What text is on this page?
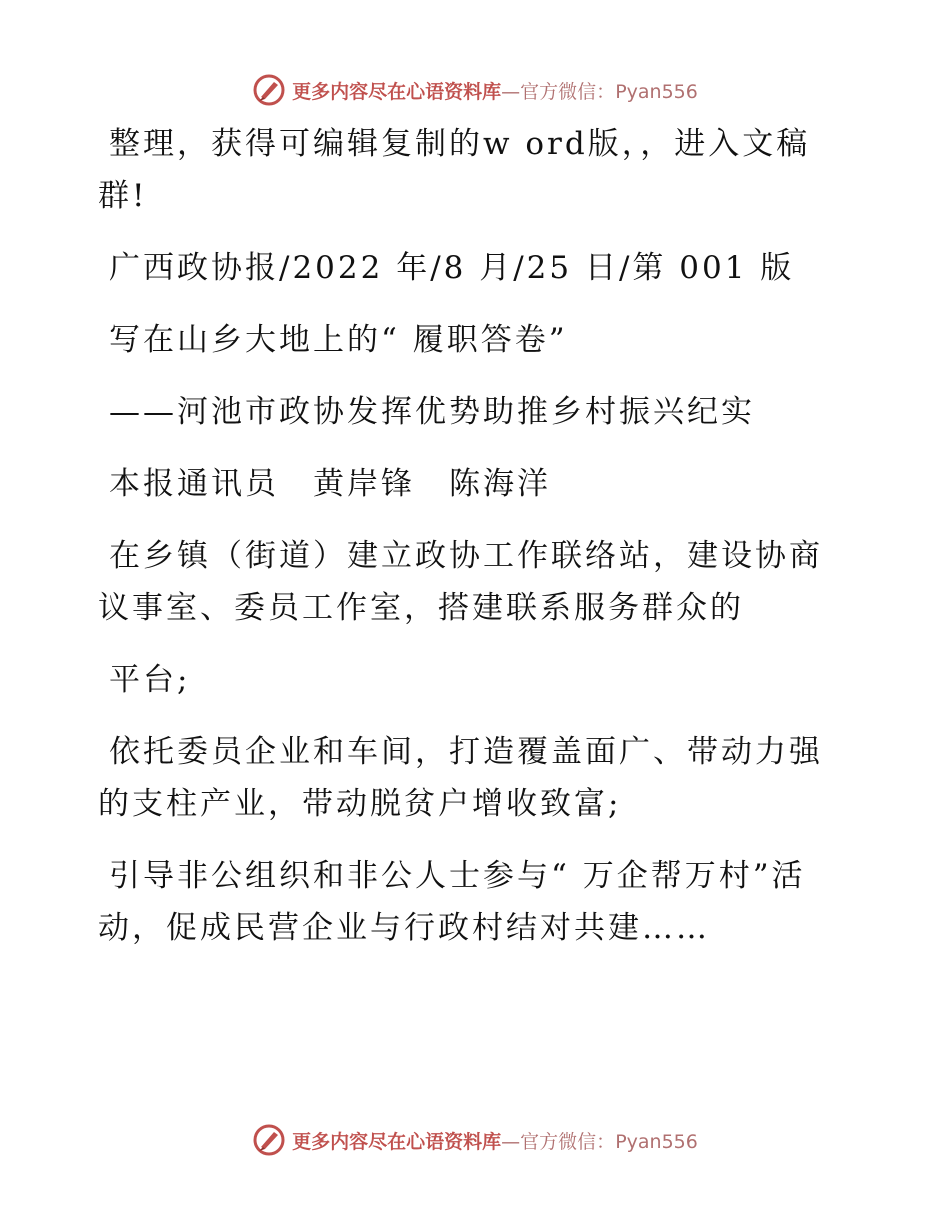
更多内容尽在心语资料库—官方微信：Pyan556

整理，获得可编辑复制的w ord版，，进入文稿群!

广西政协报/2022 年/8 月/25 日/第 001 版

写在山乡大地上的“ 履职答卷”

——河池市政协发挥优势助推乡村振兴纪实

本报通讯员　黄岸锋　陈海洋

在乡镇（街道）建立政协工作联络站，建设协商议事室、委员工作室，搭建联系服务群众的

平台;

依托委员企业和车间，打造覆盖面广、带动力强的支柱产业，带动脱贫户增收致富;

引导非公组织和非公人士参与“ 万企帮万村”活动，促成民营企业与行政村结对共建……

更多内容尽在心语资料库—官方微信：Pyan556
